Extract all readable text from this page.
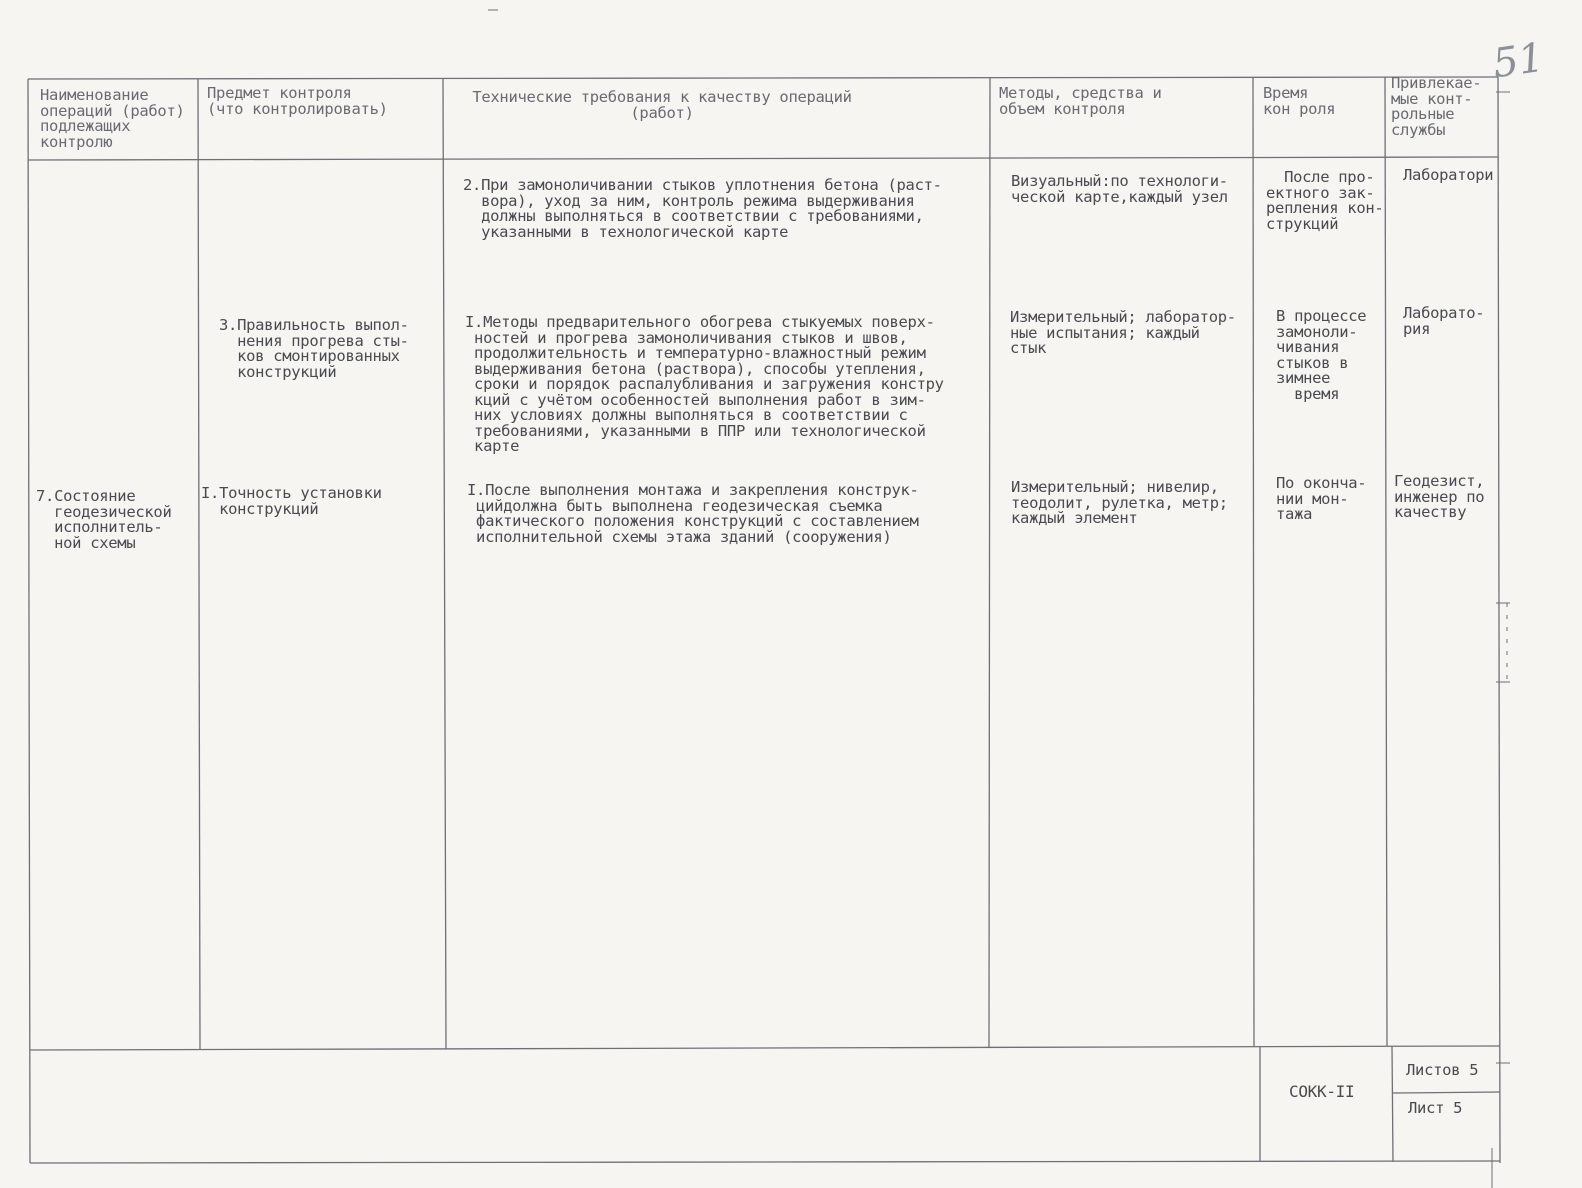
51
Наименование
операций (работ)
подлежащих
контролю
Предмет контроля
(что контролировать)
Технические требования к качеству операций
(работ)
Методы, средства и
объем контроля
Время
кон роля
Привлекае-
мые конт-
рольные
службы
2.При замоноличивании стыков уплотнения бетона (раст-
вора), уход за ним, контроль режима выдерживания
должны выполняться в соответствии с требованиями,
указанными в технологической карте
Визуальный:по технологи-
ческой карте,каждый узел
После про-
ектного зак-
репления кон-
струкций
Лаборатори
3.Правильность выпол-
нения прогрева сты-
ков смонтированных
конструкций
I.Методы предварительного обогрева стыкуемых поверх-
ностей и прогрева замоноличивания стыков и швов,
продолжительность и температурно-влажностный режим
выдерживания бетона (раствора), способы утепления,
сроки и порядок распалубливания и загружения констру
кций с учётом особенностей выполнения работ в зим-
них условиях должны выполняться в соответствии с
требованиями, указанными в ППР или технологической
карте
Измерительный; лаборатор-
ные испытания; каждый
стык
В процессе
замоноли-
чивания
стыков в
зимнее
время
Лаборато-
рия
7.Состояние
геодезической
исполнитель-
ной схемы
I.Точность установки
конструкций
I.После выполнения монтажа и закрепления конструк-
цийдолжна быть выполнена геодезическая съемка
фактического положения конструкций с составлением
исполнительной схемы этажа зданий (сооружения)
Измерительный; нивелир,
теодолит, рулетка, метр;
каждый элемент
По оконча-
нии мон-
тажа
Геодезист,
инженер по
качеству
СОКК-II
Листов 5
Лист 5
